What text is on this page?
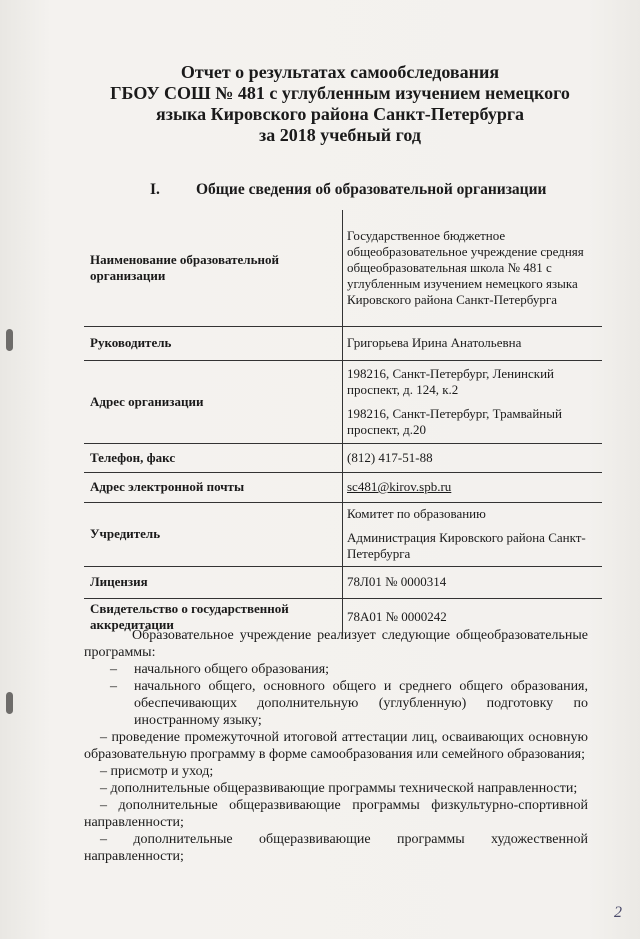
Отчет о результатах самообследования
ГБОУ СОШ № 481 с углубленным изучением немецкого
языка Кировского района Санкт-Петербурга
за 2018 учебный год
I. Общие сведения об образовательной организации
Наименование образовательной организации	Государственное бюджетное общеобразовательное учреждение средняя общеобразовательная школа № 481 с углубленным изучением немецкого языка Кировского района Санкт-Петербурга

Руководитель	Григорьева Ирина Анатольевна

Адрес организации	198216, Санкт-Петербург, Ленинский проспект, д. 124, к.2

198216, Санкт-Петербург, Трамвайный проспект, д.20

Телефон, факс	(812) 417-51-88

Адрес электронной почты	sc481@kirov.spb.ru

Учредитель	Комитет по образованию

Администрация Кировского района Санкт-Петербурга

Лицензия	78Л01 № 0000314

Свидетельство о государственной аккредитации	78А01 № 0000242

Образовательное учреждение реализует следующие общеобразовательные программы:

– начального общего образования;

– начального общего, основного общего и среднего общего образования, обеспечивающих дополнительную (углубленную) подготовку по иностранному языку;

– проведение промежуточной итоговой аттестации лиц, осваивающих основную образовательную программу в форме самообразования или семейного образования;

– присмотр и уход;

– дополнительные общеразвивающие программы технической направленности;

– дополнительные общеразвивающие программы физкультурно-спортивной направленности;

– дополнительные общеразвивающие программы художественной направленности;

2
